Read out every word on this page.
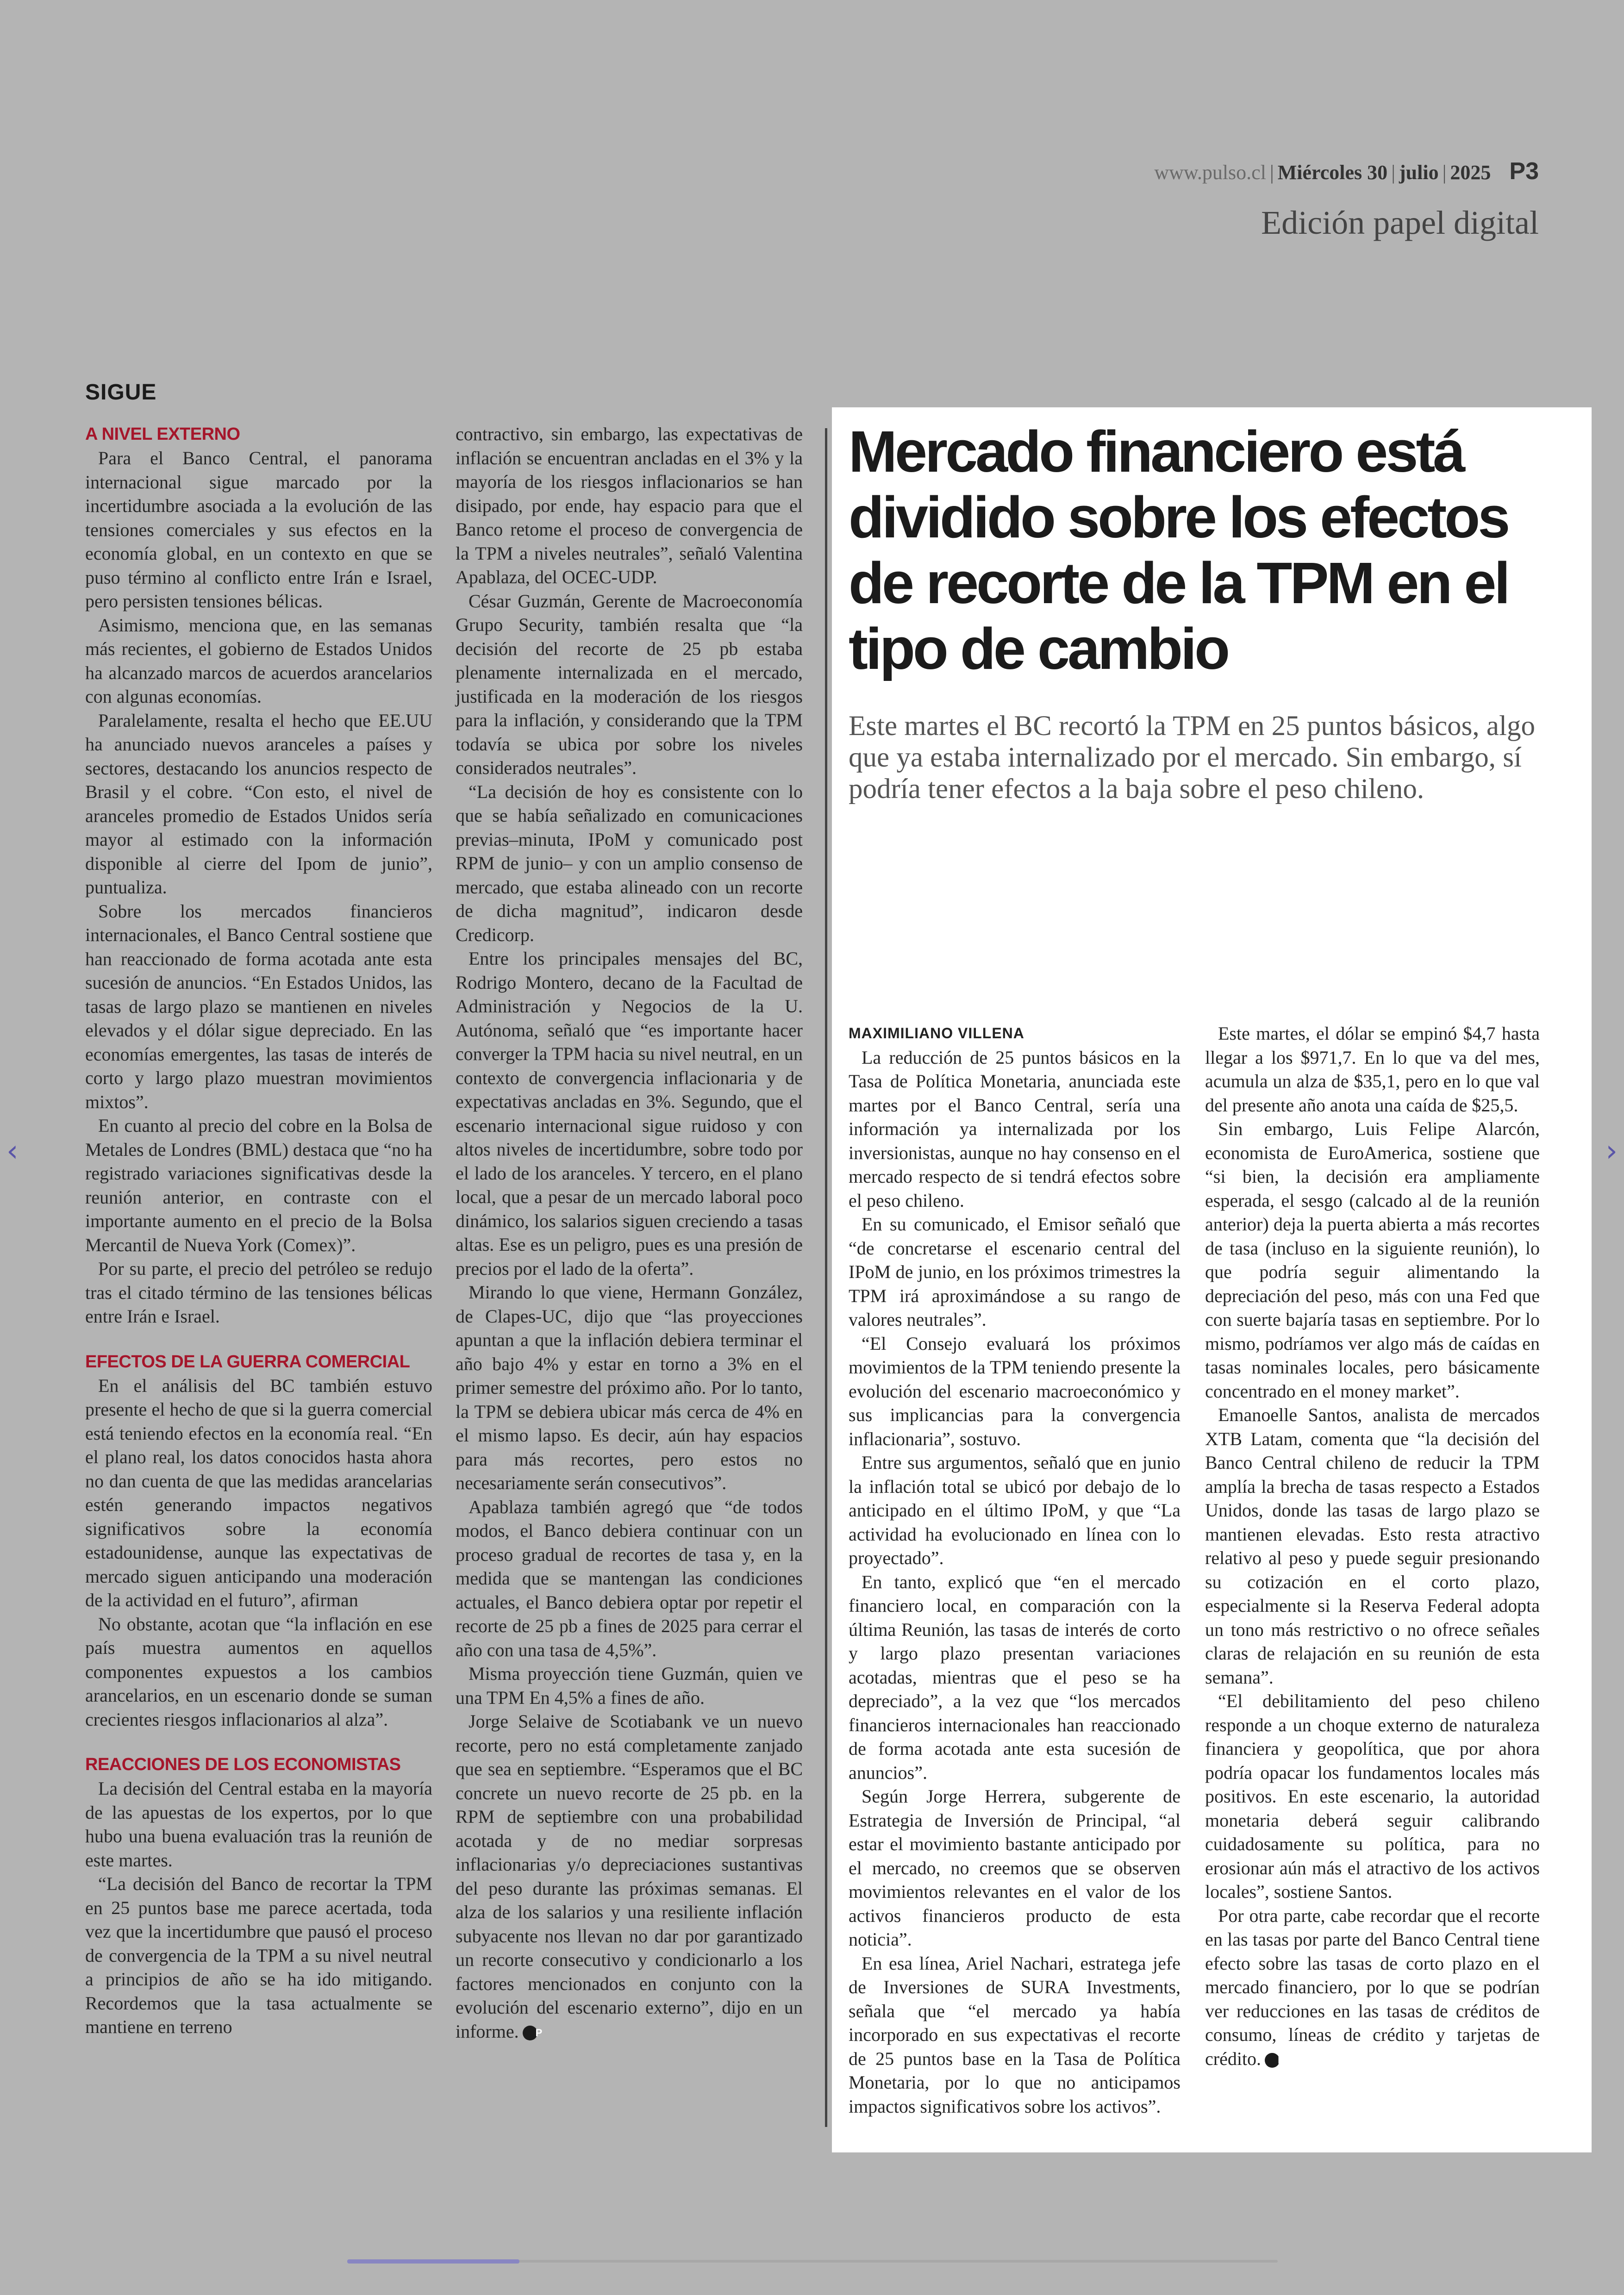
www.pulso.cl | Miércoles 30 | julio | 2025 P3
Edición papel digital
SIGUE
A NIVEL EXTERNO

Para el Banco Central, el panorama internacional sigue marcado por la incertidumbre asociada a la evolución de las tensiones comerciales y sus efectos en la economía global, en un contexto en que se puso término al conflicto entre Irán e Israel, pero persisten tensiones bélicas.

Asimismo, menciona que, en las semanas más recientes, el gobierno de Estados Unidos ha alcanzado marcos de acuerdos arancelarios con algunas economías.

Paralelamente, resalta el hecho que EE.UU ha anunciado nuevos aranceles a países y sectores, destacando los anuncios respecto de Brasil y el cobre. “Con esto, el nivel de aranceles promedio de Estados Unidos sería mayor al estimado con la información disponible al cierre del Ipom de junio”, puntualiza.

Sobre los mercados financieros internacionales, el Banco Central sostiene que han reaccionado de forma acotada ante esta sucesión de anuncios. “En Estados Unidos, las tasas de largo plazo se mantienen en niveles elevados y el dólar sigue depreciado. En las economías emergentes, las tasas de interés de corto y largo plazo muestran movimientos mixtos”.

En cuanto al precio del cobre en la Bolsa de Metales de Londres (BML) destaca que “no ha registrado variaciones significativas desde la reunión anterior, en contraste con el importante aumento en el precio de la Bolsa Mercantil de Nueva York (Comex)”.

Por su parte, el precio del petróleo se redujo tras el citado término de las tensiones bélicas entre Irán e Israel.

EFECTOS DE LA GUERRA COMERCIAL

En el análisis del BC también estuvo presente el hecho de que si la guerra comercial está teniendo efectos en la economía real. “En el plano real, los datos conocidos hasta ahora no dan cuenta de que las medidas arancelarias estén generando impactos negativos significativos sobre la economía estadounidense, aunque las expectativas de mercado siguen anticipando una moderación de la actividad en el futuro”, afirman

No obstante, acotan que “la inflación en ese país muestra aumentos en aquellos componentes expuestos a los cambios arancelarios, en un escenario donde se suman crecientes riesgos inflacionarios al alza”.

REACCIONES DE LOS ECONOMISTAS

La decisión del Central estaba en la mayoría de las apuestas de los expertos, por lo que hubo una buena evaluación tras la reunión de este martes.

“La decisión del Banco de recortar la TPM en 25 puntos base me parece acertada, toda vez que la incertidumbre que pausó el proceso de convergencia de la TPM a su nivel neutral a principios de año se ha ido mitigando. Recordemos que la tasa actualmente se mantiene en terreno

contractivo, sin embargo, las expectativas de inflación se encuentran ancladas en el 3% y la mayoría de los riesgos inflacionarios se han disipado, por ende, hay espacio para que el Banco retome el proceso de convergencia de la TPM a niveles neutrales”, señaló Valentina Apablaza, del OCEC-UDP.

César Guzmán, Gerente de Macroeconomía Grupo Security, también resalta que “la decisión del recorte de 25 pb estaba plenamente internalizada en el mercado, justificada en la moderación de los riesgos para la inflación, y considerando que la TPM todavía se ubica por sobre los niveles considerados neutrales”.

“La decisión de hoy es consistente con lo que se había señalizado en comunicaciones previas–minuta, IPoM y comunicado post RPM de junio– y con un amplio consenso de mercado, que estaba alineado con un recorte de dicha magnitud”, indicaron desde Credicorp.

Entre los principales mensajes del BC, Rodrigo Montero, decano de la Facultad de Administración y Negocios de la U. Autónoma, señaló que “es importante hacer converger la TPM hacia su nivel neutral, en un contexto de convergencia inflacionaria y de expectativas ancladas en 3%. Segundo, que el escenario internacional sigue ruidoso y con altos niveles de incertidumbre, sobre todo por el lado de los aranceles. Y tercero, en el plano local, que a pesar de un mercado laboral poco dinámico, los salarios siguen creciendo a tasas altas. Ese es un peligro, pues es una presión de precios por el lado de la oferta”.

Mirando lo que viene, Hermann González, de Clapes-UC, dijo que “las proyecciones apuntan a que la inflación debiera terminar el año bajo 4% y estar en torno a 3% en el primer semestre del próximo año. Por lo tanto, la TPM se debiera ubicar más cerca de 4% en el mismo lapso. Es decir, aún hay espacios para más recortes, pero estos no necesariamente serán consecutivos”.

Apablaza también agregó que “de todos modos, el Banco debiera continuar con un proceso gradual de recortes de tasa y, en la medida que se mantengan las condiciones actuales, el Banco debiera optar por repetir el recorte de 25 pb a fines de 2025 para cerrar el año con una tasa de 4,5%”.

Misma proyección tiene Guzmán, quien ve una TPM En 4,5% a fines de año.

Jorge Selaive de Scotiabank ve un nuevo recorte, pero no está completamente zanjado que sea en septiembre. “Esperamos que el BC concrete un nuevo recorte de 25 pb. en la RPM de septiembre con una probabilidad acotada y de no mediar sorpresas inflacionarias y/o depreciaciones sustantivas del peso durante las próximas semanas. El alza de los salarios y una resiliente inflación subyacente nos llevan no dar por garantizado un recorte consecutivo y condicionarlo a los factores mencionados en conjunto con la evolución del escenario externo”, dijo en un informe. P

Mercado financiero está dividido sobre los efectos de recorte de la TPM en el tipo de cambio

Este martes el BC recortó la TPM en 25 puntos básicos, algo que ya estaba internalizado por el mercado. Sin embargo, sí podría tener efectos a la baja sobre el peso chileno.

MAXIMILIANO VILLENA

La reducción de 25 puntos básicos en la Tasa de Política Monetaria, anunciada este martes por el Banco Central, sería una información ya internalizada por los inversionistas, aunque no hay consenso en el mercado respecto de si tendrá efectos sobre el peso chileno.

En su comunicado, el Emisor señaló que “de concretarse el escenario central del IPoM de junio, en los próximos trimestres la TPM irá aproximándose a su rango de valores neutrales”.

“El Consejo evaluará los próximos movimientos de la TPM teniendo presente la evolución del escenario macroeconómico y sus implicancias para la convergencia inflacionaria”, sostuvo.

Entre sus argumentos, señaló que en junio la inflación total se ubicó por debajo de lo anticipado en el último IPoM, y que “La actividad ha evolucionado en línea con lo proyectado”.

En tanto, explicó que “en el mercado financiero local, en comparación con la última Reunión, las tasas de interés de corto y largo plazo presentan variaciones acotadas, mientras que el peso se ha depreciado”, a la vez que “los mercados financieros internacionales han reaccionado de forma acotada ante esta sucesión de anuncios”.

Según Jorge Herrera, subgerente de Estrategia de Inversión de Principal, “al estar el movimiento bastante anticipado por el mercado, no creemos que se observen movimientos relevantes en el valor de los activos financieros producto de esta noticia”.

En esa línea, Ariel Nachari, estratega jefe de Inversiones de SURA Investments, señala que “el mercado ya había incorporado en sus expectativas el recorte de 25 puntos base en la Tasa de Política Monetaria, por lo que no anticipamos impactos significativos sobre los activos”.

Este martes, el dólar se empinó $4,7 hasta llegar a los $971,7. En lo que va del mes, acumula un alza de $35,1, pero en lo que val del presente año anota una caída de $25,5.

Sin embargo, Luis Felipe Alarcón, economista de EuroAmerica, sostiene que “si bien, la decisión era ampliamente esperada, el sesgo (calcado al de la reunión anterior) deja la puerta abierta a más recortes de tasa (incluso en la siguiente reunión), lo que podría seguir alimentando la depreciación del peso, más con una Fed que con suerte bajaría tasas en septiembre. Por lo mismo, podríamos ver algo más de caídas en tasas nominales locales, pero básicamente concentrado en el money market”.

Emanoelle Santos, analista de mercados XTB Latam, comenta que “la decisión del Banco Central chileno de reducir la TPM amplía la brecha de tasas respecto a Estados Unidos, donde las tasas de largo plazo se mantienen elevadas. Esto resta atractivo relativo al peso y puede seguir presionando su cotización en el corto plazo, especialmente si la Reserva Federal adopta un tono más restrictivo o no ofrece señales claras de relajación en su reunión de esta semana”.

“El debilitamiento del peso chileno responde a un choque externo de naturaleza financiera y geopolítica, que por ahora podría opacar los fundamentos locales más positivos. En este escenario, la autoridad monetaria deberá seguir calibrando cuidadosamente su política, para no erosionar aún más el atractivo de los activos locales”, sostiene Santos.

Por otra parte, cabe recordar que el recorte en las tasas por parte del Banco Central tiene efecto sobre las tasas de corto plazo en el mercado financiero, por lo que se podrían ver reducciones en las tasas de créditos de consumo, líneas de crédito y tarjetas de crédito. P

‹	›
